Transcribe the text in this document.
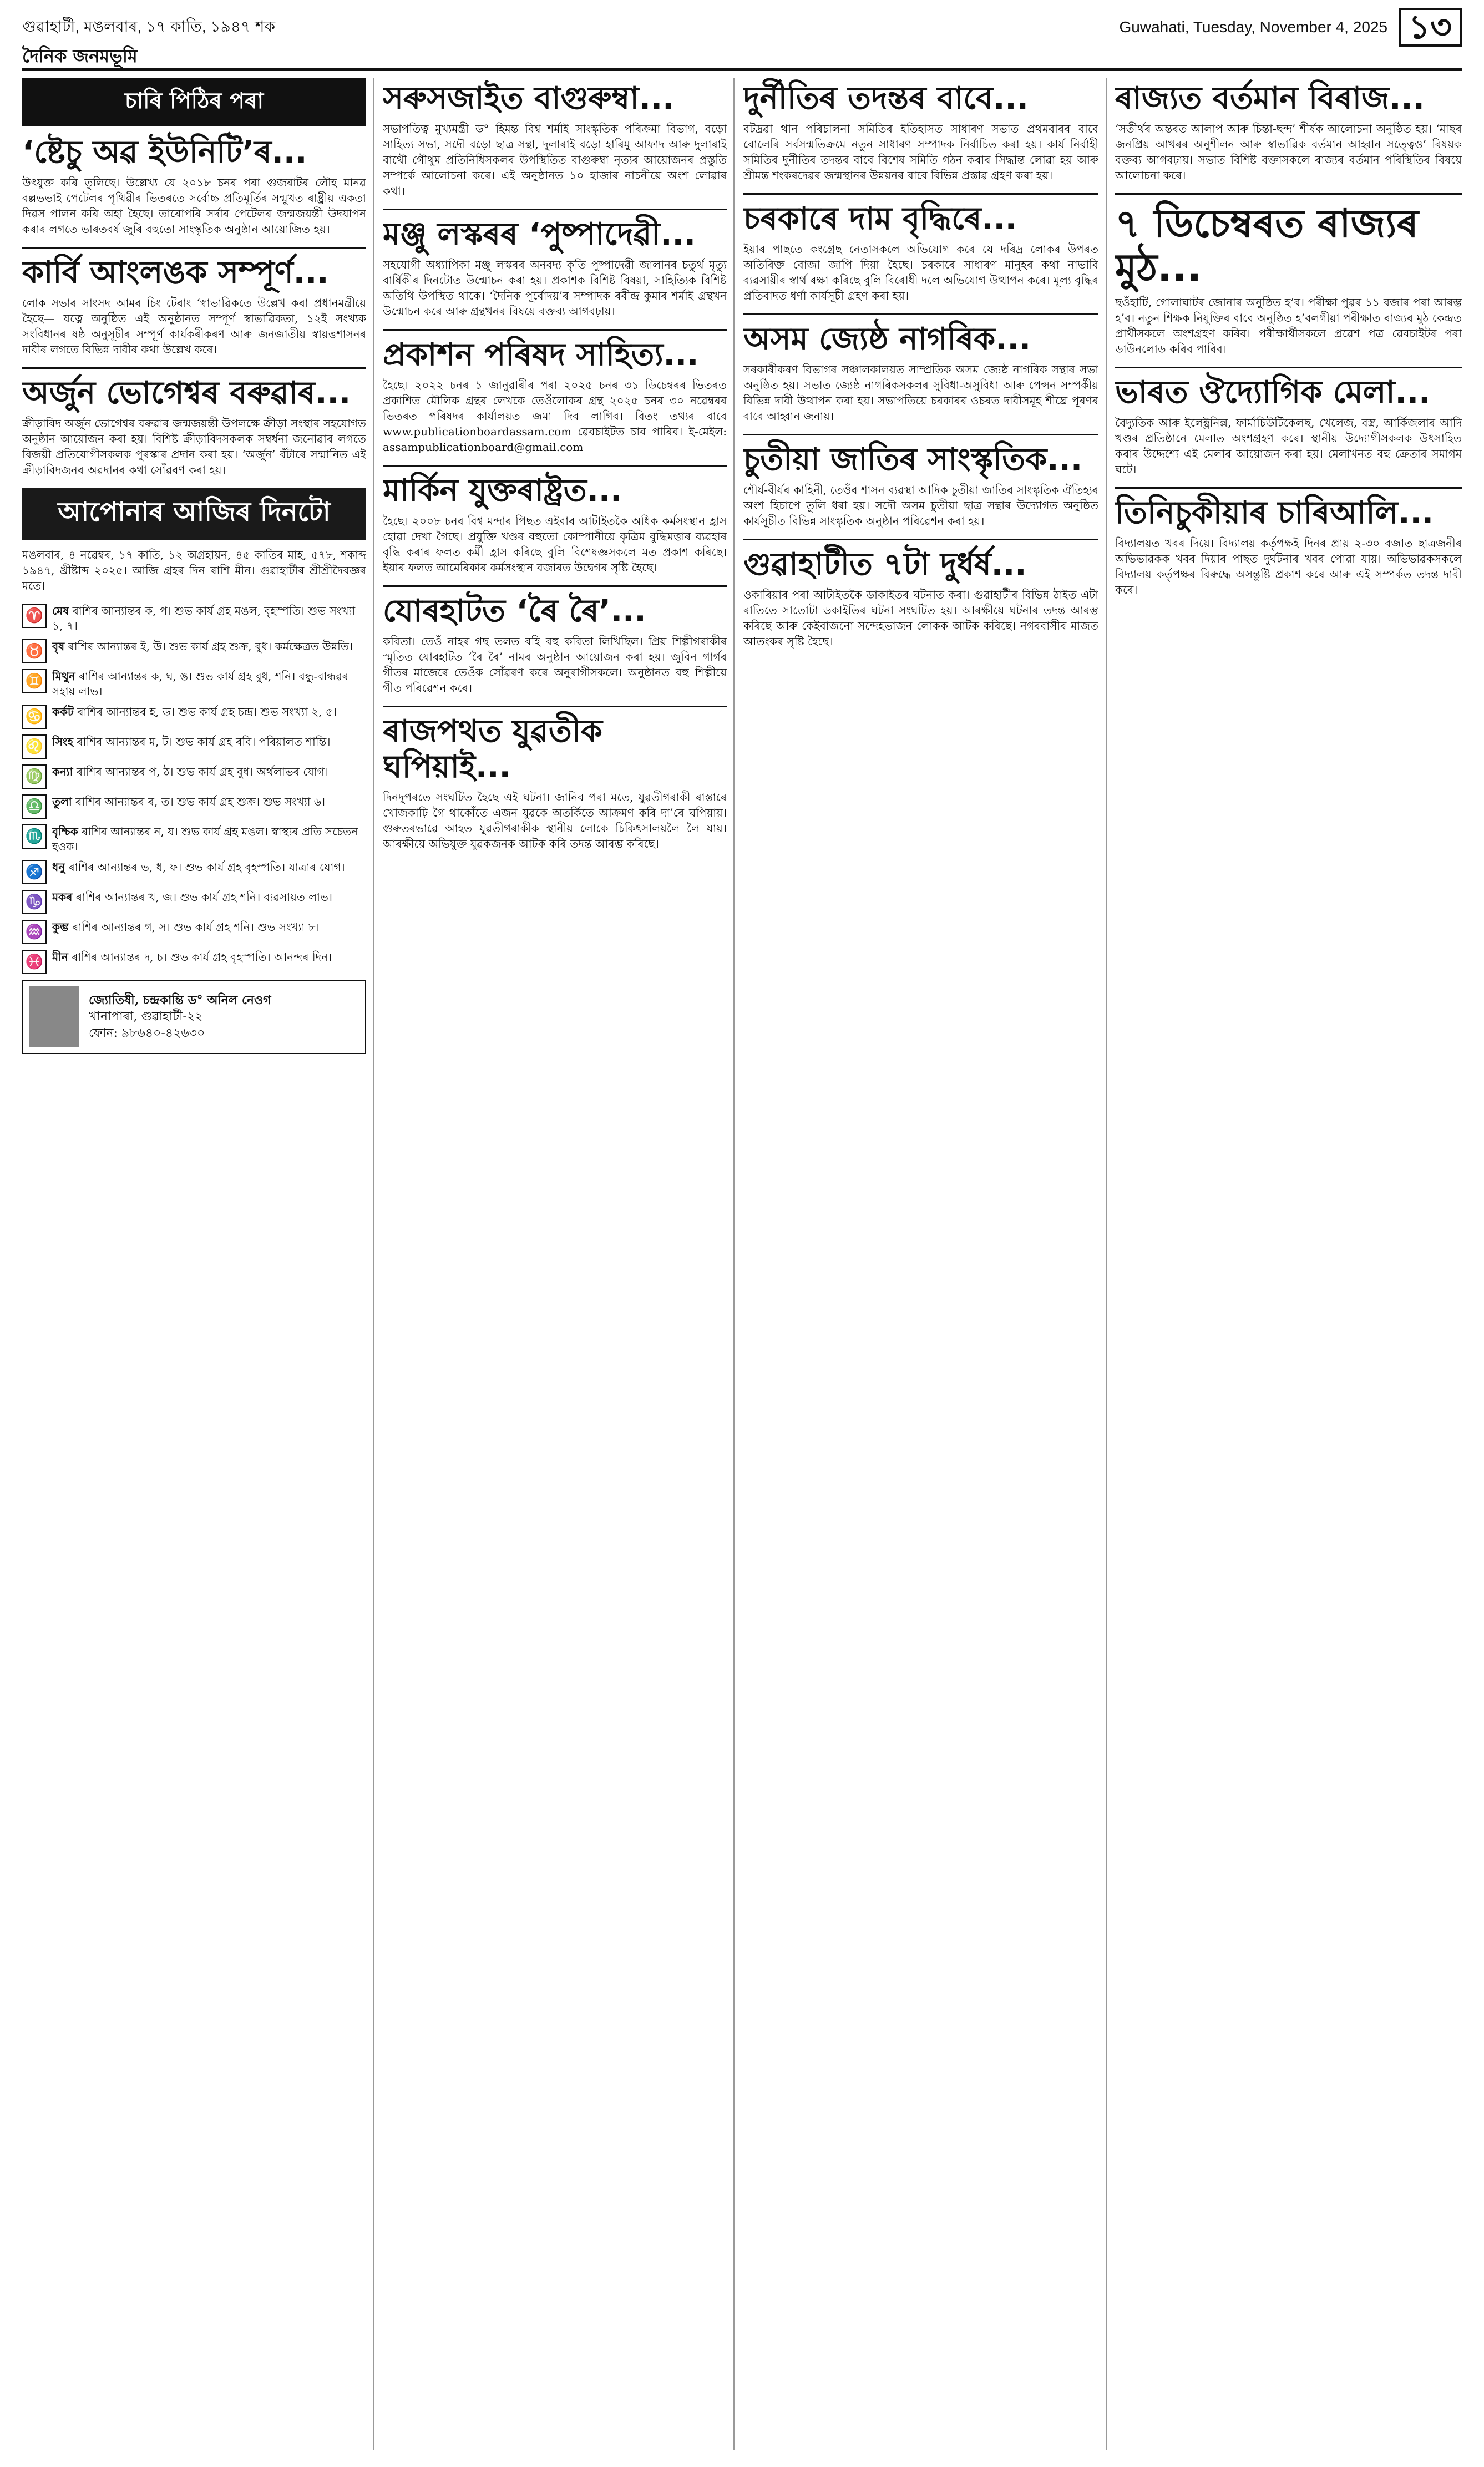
গুৱাহাটী, মঙলবাৰ, ১৭ কাতি, ১৯৪৭ শক	Guwahati, Tuesday, November 4, 2025 ১৩
দৈনিক জনমভূমি
চাৰি পিঠিৰ পৰা
‘ষ্টেচু অৱ ইউনিটি’ৰ...
উৎযুক্ত কৰি তুলিছে। উল্লেখ্য যে ২০১৮ চনৰ পৰা গুজৰাটৰ লৌহ মানৱ বল্লভভাই পেটেলৰ পৃথিৱীৰ ভিতৰতে সৰ্বোচ্চ প্ৰতিমূৰ্তিৰ সন্মুখত ৰাষ্ট্ৰীয় একতা দিৱস পালন কৰি অহা হৈছে। তাৰোপৰি সৰ্দাৰ পেটেলৰ জন্মজয়ন্তী উদযাপন কৰাৰ লগতে ভাৰতবৰ্ষ জুৰি বহুতো সাংস্কৃতিক অনুষ্ঠান আয়োজিত হয়।
কাৰ্বি আংলঙক সম্পূৰ্ণ...
লোক সভাৰ সাংসদ আমৰ চিং টেৰাং ‘স্বাভাৱিকতে উল্লেখ কৰা প্ৰধানমন্ত্ৰীয়ে হৈছে— যত্নে অনুষ্ঠিত এই অনুষ্ঠানত সম্পূৰ্ণ স্বাভাৱিকতা, ১২ই সংখ্যক সংবিধানৰ ষষ্ঠ অনুসূচীৰ সম্পূৰ্ণ কাৰ্যকৰীকৰণ আৰু জনজাতীয় স্বায়ত্তশাসনৰ দাবীৰ লগতে বিভিন্ন দাবীৰ কথা উল্লেখ কৰে।
অৰ্জুন ভোগেশ্বৰ বৰুৱাৰ...
ক্ৰীড়াবিদ অৰ্জুন ভোগেশ্বৰ বৰুৱাৰ জন্মজয়ন্তী উপলক্ষে ক্ৰীড়া সংস্থাৰ সহযোগত অনুষ্ঠান আয়োজন কৰা হয়। বিশিষ্ট ক্ৰীড়াবিদসকলক সম্বৰ্ধনা জনোৱাৰ লগতে বিজয়ী প্ৰতিযোগীসকলক পুৰস্কাৰ প্ৰদান কৰা হয়। ‘অৰ্জুন’ বঁটাৰে সন্মানিত এই ক্ৰীড়াবিদজনৰ অৱদানৰ কথা সোঁৱৰণ কৰা হয়।
আপোনাৰ আজিৰ দিনটো
মঙলবাৰ, ৪ নৱেম্বৰ, ১৭ কাতি, ১২ অগ্ৰহায়ন, ৪৫ কাতিৰ মাহ, ৫৭৮, শকাব্দ ১৯৪৭, খ্ৰীষ্টাব্দ ২০২৫। আজি গ্ৰহৰ দিন ৰাশি মীন। গুৱাহাটীৰ শ্ৰীশ্ৰীদৈবজ্ঞৰ মতে।
♈ মেষ ৰাশিৰ আন্যান্তৰ ক, প। শুভ কাৰ্য গ্ৰহ মঙল, বৃহস্পতি। শুভ সংখ্যা ১, ৭।
♉ বৃষ ৰাশিৰ আন্যান্তৰ ই, উ। শুভ কাৰ্য গ্ৰহ শুক্ৰ, বুধ। কৰ্মক্ষেত্ৰত উন্নতি।
♊ মিথুন ৰাশিৰ আন্যান্তৰ ক, ঘ, ঙ। শুভ কাৰ্য গ্ৰহ বুধ, শনি। বন্ধু-বান্ধৱৰ সহায় লাভ।
♋ কৰ্কট ৰাশিৰ আন্যান্তৰ হ, ড। শুভ কাৰ্য গ্ৰহ চন্দ্ৰ। শুভ সংখ্যা ২, ৫।
♌ সিংহ ৰাশিৰ আন্যান্তৰ ম, ট। শুভ কাৰ্য গ্ৰহ ৰবি। পৰিয়ালত শান্তি।
♍ কন্যা ৰাশিৰ আন্যান্তৰ প, ঠ। শুভ কাৰ্য গ্ৰহ বুধ। অৰ্থলাভৰ যোগ।
♎ তুলা ৰাশিৰ আন্যান্তৰ ৰ, ত। শুভ কাৰ্য গ্ৰহ শুক্ৰ। শুভ সংখ্যা ৬।
♏ বৃশ্চিক ৰাশিৰ আন্যান্তৰ ন, য। শুভ কাৰ্য গ্ৰহ মঙল। স্বাস্থ্যৰ প্ৰতি সচেতন হওক।
♐ ধনু ৰাশিৰ আন্যান্তৰ ভ, ধ, ফ। শুভ কাৰ্য গ্ৰহ বৃহস্পতি। যাত্ৰাৰ যোগ।
♑ মকৰ ৰাশিৰ আন্যান্তৰ খ, জ। শুভ কাৰ্য গ্ৰহ শনি। ব্যৱসায়ত লাভ।
♒ কুম্ভ ৰাশিৰ আন্যান্তৰ গ, স। শুভ কাৰ্য গ্ৰহ শনি। শুভ সংখ্যা ৮।
♓ মীন ৰাশিৰ আন্যান্তৰ দ, চ। শুভ কাৰ্য গ্ৰহ বৃহস্পতি। আনন্দৰ দিন।
জ্যোতিষী, চন্দ্ৰকান্তি ড° অনিল নেওগ
খানাপাৰা, গুৱাহাটী-২২
ফোন: ৯৮৬৪০-৪২৬৩০
সৰুসজাইত বাগুৰুম্বা...
সভাপতিত্ব মুখ্যমন্ত্ৰী ড° হিমন্ত বিশ্ব শৰ্মাই সাংস্কৃতিক পৰিক্ৰমা বিভাগ, বড়ো সাহিত্য সভা, সদৌ বড়ো ছাত্ৰ সন্থা, দুলাৰাই বড়ো হাৰিমু আফাদ আৰু দুলাৰাই বাথৌ গৌথুম প্ৰতিনিধিসকলৰ উপস্থিতিত বাগুৰুম্বা নৃত্যৰ আয়োজনৰ প্ৰস্তুতি সম্পৰ্কে আলোচনা কৰে। এই অনুষ্ঠানত ১০ হাজাৰ নাচনীয়ে অংশ লোৱাৰ কথা।
মঞ্জু লস্কৰৰ ‘পুষ্পাদেৱী...
সহযোগী অধ্যাপিকা মঞ্জু লস্কৰৰ অনবদ্য কৃতি পুষ্পাদেৱী জালানৰ চতুৰ্থ মৃত্যু বাৰ্ষিকীৰ দিনটোত উন্মোচন কৰা হয়। প্ৰকাশক বিশিষ্ট বিষয়া, সাহিত্যিক বিশিষ্ট অতিথি উপস্থিত থাকে। ‘দৈনিক পূৰ্বোদয়’ৰ সম্পাদক ৰবীন্দ্ৰ কুমাৰ শৰ্মাই গ্ৰন্থখন উন্মোচন কৰে আৰু গ্ৰন্থখনৰ বিষয়ে বক্তব্য আগবঢ়ায়।
প্ৰকাশন পৰিষদ সাহিত্য...
হৈছে। ২০২২ চনৰ ১ জানুৱাৰীৰ পৰা ২০২৫ চনৰ ৩১ ডিচেম্বৰৰ ভিতৰত প্ৰকাশিত মৌলিক গ্ৰন্থৰ লেখকে তেওঁলোকৰ গ্ৰন্থ ২০২৫ চনৰ ৩০ নৱেম্বৰৰ ভিতৰত পৰিষদৰ কাৰ্যালয়ত জমা দিব লাগিব। বিতং তথ্যৰ বাবে www.publicationboardassam.com ৱেবচাইটত চাব পাৰিব। ই-মেইল: assampublicationboard@gmail.com
মাৰ্কিন যুক্তৰাষ্ট্ৰত...
হৈছে। ২০০৮ চনৰ বিশ্ব মন্দাৰ পিছত এইবাৰ আটাইতকৈ অধিক কৰ্মসংস্থান হ্ৰাস হোৱা দেখা গৈছে। প্ৰযুক্তি খণ্ডৰ বহুতো কোম্পানীয়ে কৃত্ৰিম বুদ্ধিমত্তাৰ ব্যৱহাৰ বৃদ্ধি কৰাৰ ফলত কৰ্মী হ্ৰাস কৰিছে বুলি বিশেষজ্ঞসকলে মত প্ৰকাশ কৰিছে। ইয়াৰ ফলত আমেৰিকাৰ কৰ্মসংস্থান বজাৰত উদ্বেগৰ সৃষ্টি হৈছে।
যোৰহাটত ‘ৰৈ ৰৈ’...
কবিতা। তেওঁ নাহৰ গছ তলত বহি বহু কবিতা লিখিছিল। প্ৰিয় শিল্পীগৰাকীৰ স্মৃতিত যোৰহাটত ‘ৰৈ ৰৈ’ নামৰ অনুষ্ঠান আয়োজন কৰা হয়। জুবিন গাৰ্গৰ গীতৰ মাজেৰে তেওঁক সোঁৱৰণ কৰে অনুৰাগীসকলে। অনুষ্ঠানত বহু শিল্পীয়ে গীত পৰিৱেশন কৰে।
ৰাজপথত যুৱতীক ঘপিয়াই...
দিনদুপৰতে সংঘটিত হৈছে এই ঘটনা। জানিব পৰা মতে, যুৱতীগৰাকী ৰাস্তাৰে খোজকাঢ়ি গৈ থাকোঁতে এজন যুৱকে অতৰ্কিতে আক্ৰমণ কৰি দা’ৰে ঘপিয়ায়। গুৰুতৰভাৱে আহত যুৱতীগৰাকীক স্থানীয় লোকে চিকিৎসালয়লৈ লৈ যায়। আৰক্ষীয়ে অভিযুক্ত যুৱকজনক আটক কৰি তদন্ত আৰম্ভ কৰিছে।
দুৰ্নীতিৰ তদন্তৰ বাবে...
বটদ্ৰৱা থান পৰিচালনা সমিতিৰ ইতিহাসত সাধাৰণ সভাত প্ৰথমবাৰৰ বাবে বোলেৰি সৰ্বসন্মতিক্ৰমে নতুন সাধাৰণ সম্পাদক নিৰ্বাচিত কৰা হয়। কাৰ্য নিৰ্বাহী সমিতিৰ দুৰ্নীতিৰ তদন্তৰ বাবে বিশেষ সমিতি গঠন কৰাৰ সিদ্ধান্ত লোৱা হয় আৰু শ্ৰীমন্ত শংকৰদেৱৰ জন্মস্থানৰ উন্নয়নৰ বাবে বিভিন্ন প্ৰস্তাৱ গ্ৰহণ কৰা হয়।
চৰকাৰে দাম বৃদ্ধিৰে...
ইয়াৰ পাছতে কংগ্ৰেছ নেতাসকলে অভিযোগ কৰে যে দৰিদ্ৰ লোকৰ উপৰত অতিৰিক্ত বোজা জাপি দিয়া হৈছে। চৰকাৰে সাধাৰণ মানুহৰ কথা নাভাবি ব্যৱসায়ীৰ স্বাৰ্থ ৰক্ষা কৰিছে বুলি বিৰোধী দলে অভিযোগ উত্থাপন কৰে। মূল্য বৃদ্ধিৰ প্ৰতিবাদত ধৰ্ণা কাৰ্যসূচী গ্ৰহণ কৰা হয়।
অসম জ্যেষ্ঠ নাগৰিক...
সৰকাৰীকৰণ বিভাগৰ সঞ্চালকালয়ত সাম্প্ৰতিক অসম জ্যেষ্ঠ নাগৰিক সন্থাৰ সভা অনুষ্ঠিত হয়। সভাত জ্যেষ্ঠ নাগৰিকসকলৰ সুবিধা-অসুবিধা আৰু পেন্সন সম্পৰ্কীয় বিভিন্ন দাবী উত্থাপন কৰা হয়। সভাপতিয়ে চৰকাৰৰ ওচৰত দাবীসমূহ শীঘ্ৰে পূৰণৰ বাবে আহ্বান জনায়।
চুতীয়া জাতিৰ সাংস্কৃতিক...
শৌৰ্য-বীৰ্যৰ কাহিনী, তেওঁৰ শাসন ব্যৱস্থা আদিক চুতীয়া জাতিৰ সাংস্কৃতিক ঐতিহ্যৰ অংশ হিচাপে তুলি ধৰা হয়। সদৌ অসম চুতীয়া ছাত্ৰ সন্থাৰ উদ্যোগত অনুষ্ঠিত কাৰ্যসূচীত বিভিন্ন সাংস্কৃতিক অনুষ্ঠান পৰিৱেশন কৰা হয়।
গুৱাহাটীত ৭টা দুৰ্ধৰ্ষ...
ওকাৰিয়াৰ পৰা আটাইতকৈ ডাকাইতৰ ঘটনাত কৰা। গুৱাহাটীৰ বিভিন্ন ঠাইত এটা ৰাতিতে সাতোটা ডকাইতিৰ ঘটনা সংঘটিত হয়। আৰক্ষীয়ে ঘটনাৰ তদন্ত আৰম্ভ কৰিছে আৰু কেইবাজনো সন্দেহভাজন লোকক আটক কৰিছে। নগৰবাসীৰ মাজত আতংকৰ সৃষ্টি হৈছে।
ৰাজ্যত বৰ্তমান বিৰাজ...
‘সতীৰ্থৰ অন্তৰত আলাপ আৰু চিন্তা-ছন্দ’ শীৰ্ষক আলোচনা অনুষ্ঠিত হয়। ‘মাছৰ জনপ্ৰিয় আখৰৰ অনুশীলন আৰু স্বাভাৱিক বৰ্তমান আহ্বান সত্ত্বেও’ বিষয়ক বক্তব্য আগবঢ়ায়। সভাত বিশিষ্ট বক্তাসকলে ৰাজ্যৰ বৰ্তমান পৰিস্থিতিৰ বিষয়ে আলোচনা কৰে।
৭ ডিচেম্বৰত ৰাজ্যৰ মুঠ...
ছওঁহাটি, গোলাঘাটৰ জোনাৰ অনুষ্ঠিত হ’ব। পৰীক্ষা পুৱৰ ১১ বজাৰ পৰা আৰম্ভ হ’ব। নতুন শিক্ষক নিযুক্তিৰ বাবে অনুষ্ঠিত হ’বলগীয়া পৰীক্ষাত ৰাজ্যৰ মুঠ কেন্দ্ৰত প্ৰাৰ্থীসকলে অংশগ্ৰহণ কৰিব। পৰীক্ষাৰ্থীসকলে প্ৰৱেশ পত্ৰ ৱেবচাইটৰ পৰা ডাউনলোড কৰিব পাৰিব।
ভাৰত ঔদ্যোগিক মেলা...
বৈদ্যুতিক আৰু ইলেক্ট্ৰনিক্স, ফাৰ্মাচিউটিকেলছ, খেলেজ, বস্ত্ৰ, আৰ্কিজলাৰ আদি খণ্ডৰ প্ৰতিষ্ঠানে মেলাত অংশগ্ৰহণ কৰে। স্থানীয় উদ্যোগীসকলক উৎসাহিত কৰাৰ উদ্দেশ্যে এই মেলাৰ আয়োজন কৰা হয়। মেলাখনত বহু ক্ৰেতাৰ সমাগম ঘটে।
তিনিচুকীয়াৰ চাৰিআলি...
বিদ্যালয়ত খবৰ দিয়ে। বিদ্যালয় কৰ্তৃপক্ষই দিনৰ প্ৰায় ২-৩০ বজাত ছাত্ৰজনীৰ অভিভাৱকক খবৰ দিয়াৰ পাছত দুৰ্ঘটনাৰ খবৰ পোৱা যায়। অভিভাৱকসকলে বিদ্যালয় কৰ্তৃপক্ষৰ বিৰুদ্ধে অসন্তুষ্টি প্ৰকাশ কৰে আৰু এই সম্পৰ্কত তদন্ত দাবী কৰে।
